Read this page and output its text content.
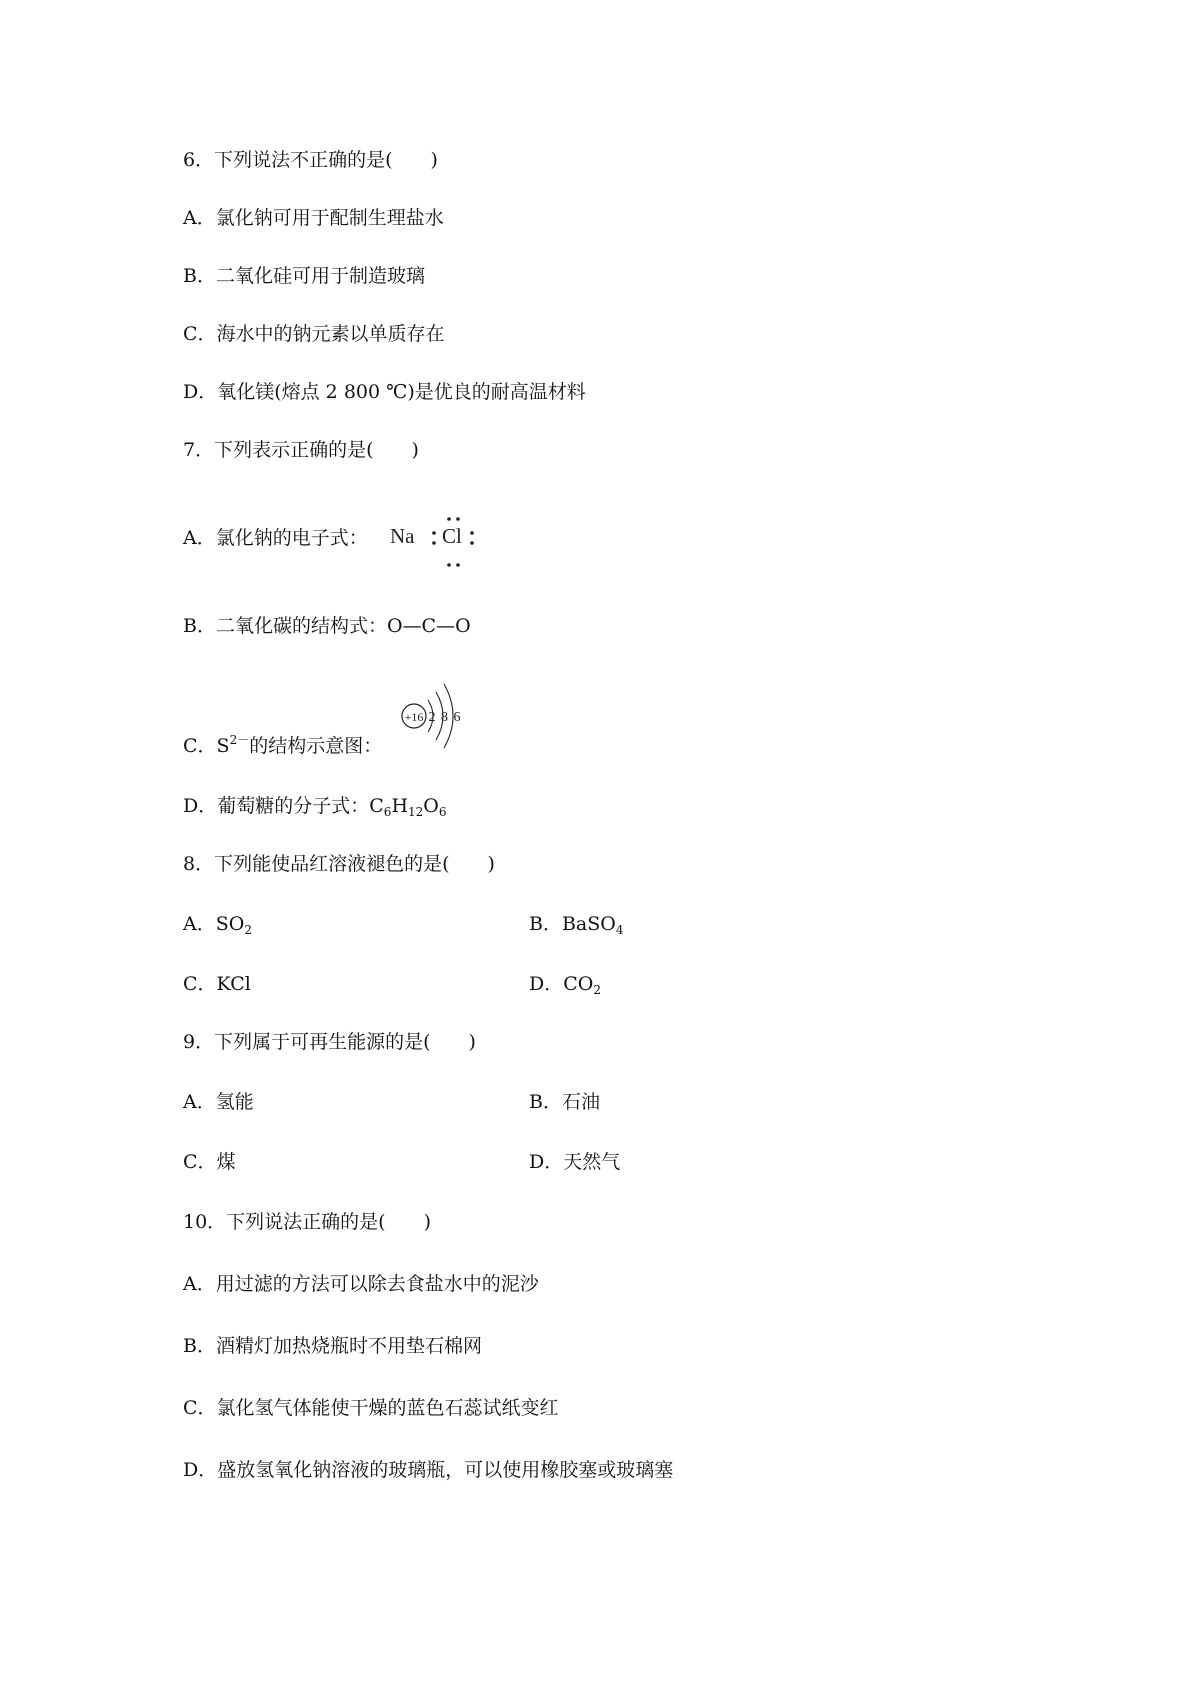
6．下列说法不正确的是( )
A．氯化钠可用于配制生理盐水
B．二氧化硅可用于制造玻璃
C．海水中的钠元素以单质存在
D．氧化镁(熔点 2 800 ℃)是优良的耐高温材料
7．下列表示正确的是( )
A．氯化钠的电子式： Na Cl
B．二氧化碳的结构式：O—C—O
C．$S^{2-}$的结构示意图：
+16 2 8 6
D．葡萄糖的分子式：$C_6H_{12}O_6$
8．下列能使品红溶液褪色的是( )
A．$SO_2$	B．BaSO$_4$
C．KCl	D．$CO_2$
9．下列属于可再生能源的是( )
A．氢能	B．石油
C．煤	D．天然气
10．下列说法正确的是( )
A．用过滤的方法可以除去食盐水中的泥沙
B．酒精灯加热烧瓶时不用垫石棉网
C．氯化氢气体能使干燥的蓝色石蕊试纸变红
D．盛放氢氧化钠溶液的玻璃瓶，可以使用橡胶塞或玻璃塞
